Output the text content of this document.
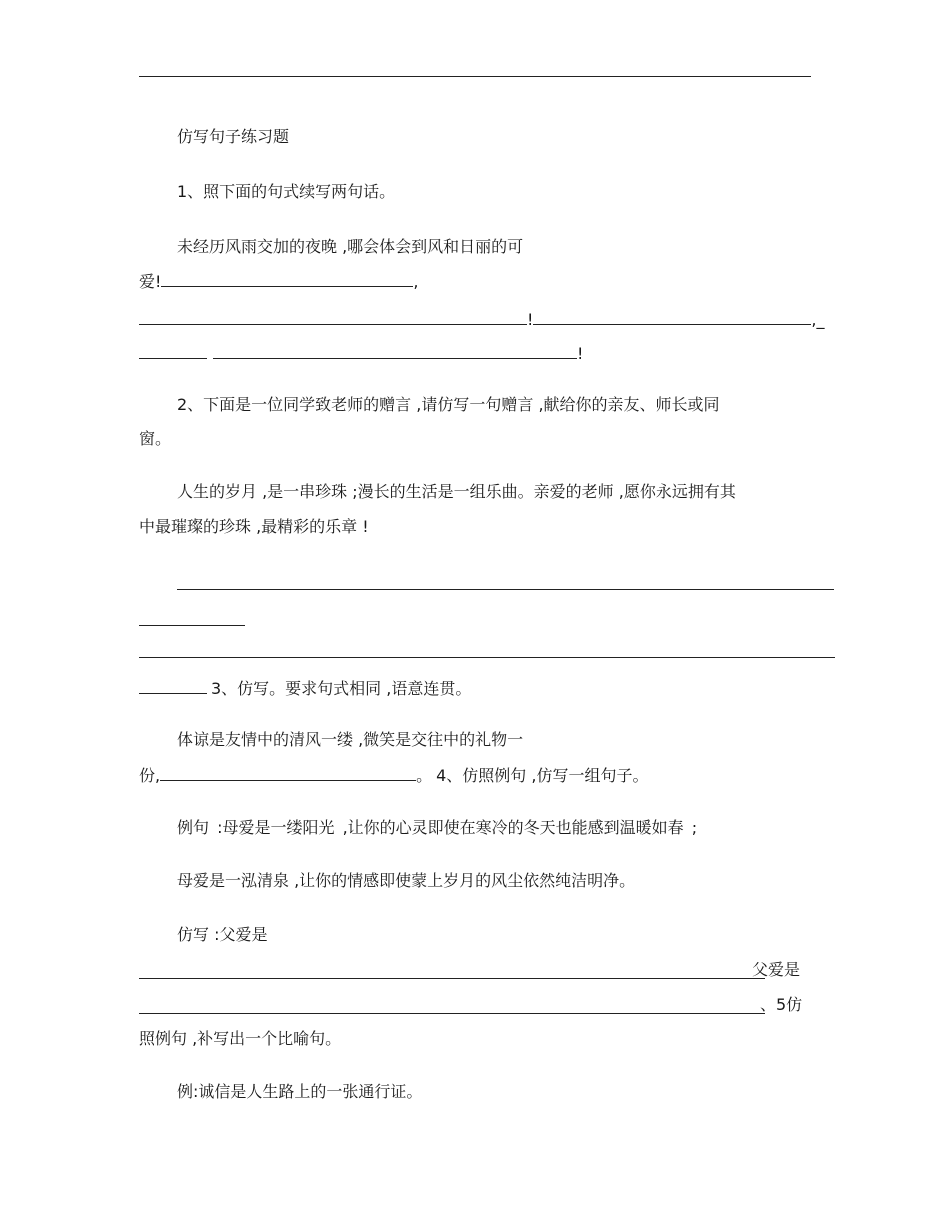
仿写句子练习题
1、照下面的句式续写两句话。
未经历风雨交加的夜晚 ,哪会体会到风和日丽的可
爱!	,
!	,_
!
2、下面是一位同学致老师的赠言 ,请仿写一句赠言 ,献给你的亲友、师长或同
窗。
人生的岁月 ,是一串珍珠 ;漫长的生活是一组乐曲。亲爱的老师 ,愿你永远拥有其
中最璀璨的珍珠 ,最精彩的乐章 !
3、仿写。要求句式相同 ,语意连贯。
体谅是友情中的清风一缕 ,微笑是交往中的礼物一
份,	。 4、仿照例句 ,仿写一组句子。
例句 :母爱是一缕阳光 ,让你的心灵即使在寒冷的冬天也能感到温暖如春 ;
母爱是一泓清泉 ,让你的情感即使蒙上岁月的风尘依然纯洁明净。
仿写 :父爱是
父爱是
、5仿
照例句 ,补写出一个比喻句。
例:诚信是人生路上的一张通行证。
